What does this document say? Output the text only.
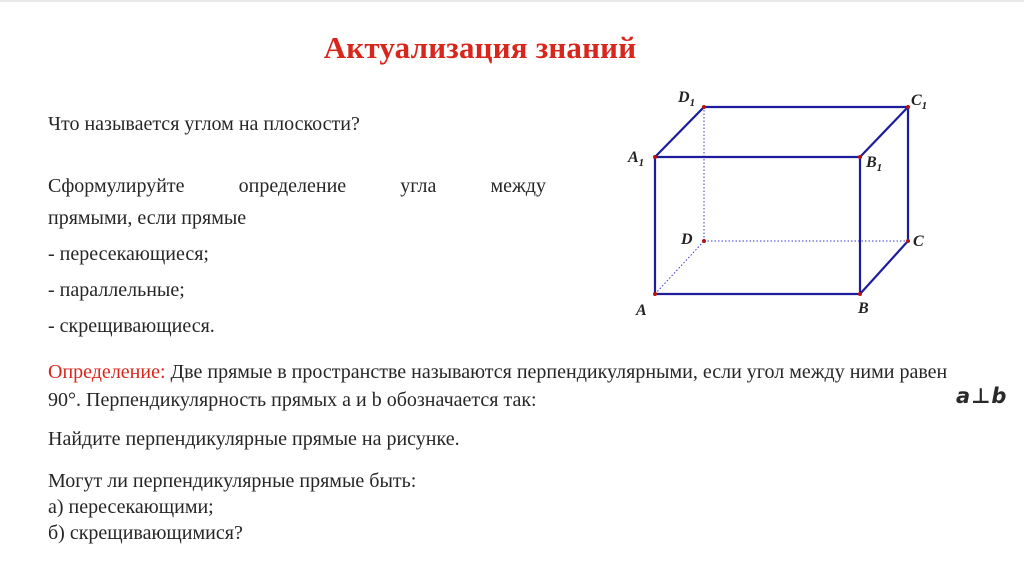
Актуализация знаний
Что называется углом на плоскости?
Сформулируйте определение угла между
прямыми, если прямые
- пересекающиеся;
- параллельные;
- скрещивающиеся.
Определение: Две прямые в пространстве называются перпендикулярными, если угол между ними равен 90°. Перпендикулярность прямых а и b обозначается так:	a⊥b
Найдите перпендикулярные прямые на рисунке.
Могут ли перпендикулярные прямые быть:
а) пересекающими;
б) скрещивающимися?
A	B
C
D
$A_1$	$B_1$
$C_1$
$D_1$
